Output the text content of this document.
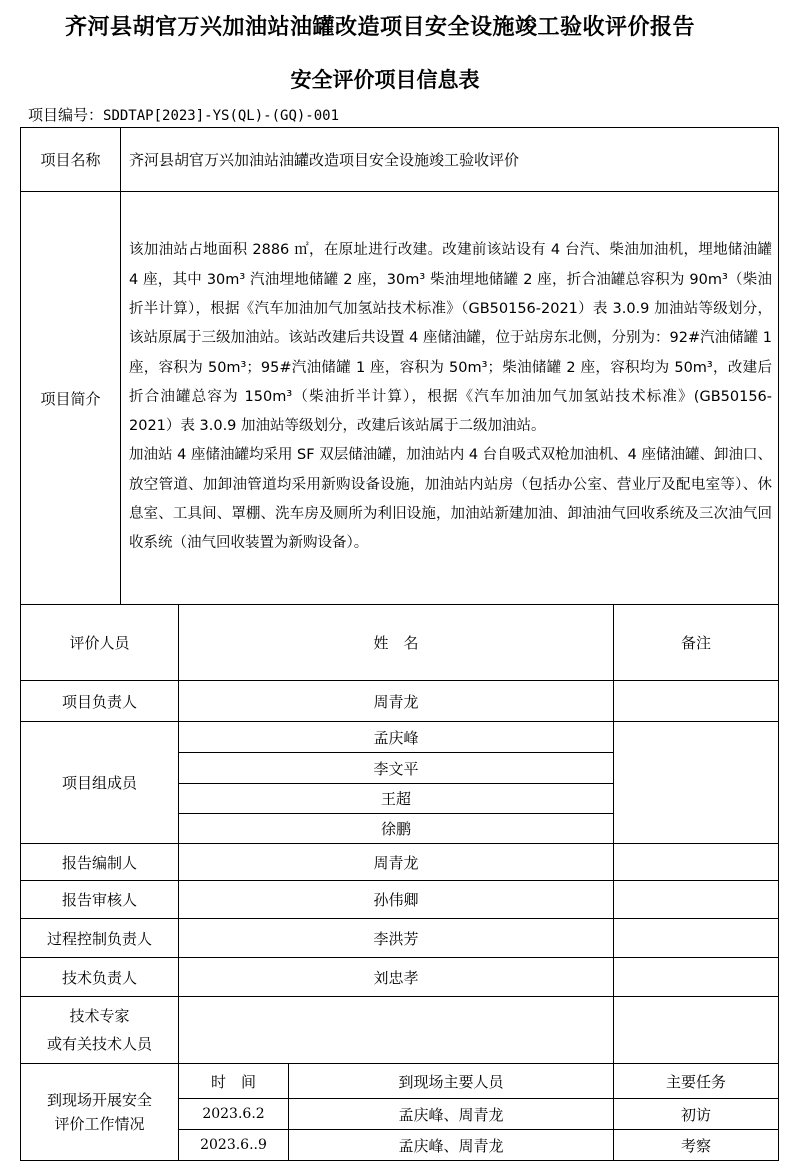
齐河县胡官万兴加油站油罐改造项目安全设施竣工验收评价报告
安全评价项目信息表
项目编号：SDDTAP[2023]-YS(QL)-(GQ)-001
项目名称	齐河县胡官万兴加油站油罐改造项目安全设施竣工验收评价
项目简介	该加油站占地面积 2886 ㎡，在原址进行改建。改建前该站设有 4 台汽、柴油加油机，埋地储油罐 4 座，其中 30m³ 汽油埋地储罐 2 座，30m³ 柴油埋地储罐 2 座，折合油罐总容积为 90m³（柴油折半计算），根据《汽车加油加气加氢站技术标准》（GB50156-2021）表 3.0.9 加油站等级划分，该站原属于三级加油站。该站改建后共设置 4 座储油罐，位于站房东北侧，分别为：92#汽油储罐 1 座，容积为 50m³；95#汽油储罐 1 座，容积为 50m³；柴油储罐 2 座，容积均为 50m³，改建后折合油罐总容为 150m³（柴油折半计算），根据《汽车加油加气加氢站技术标准》(GB50156-2021）表 3.0.9 加油站等级划分，改建后该站属于二级加油站。

加油站 4 座储油罐均采用 SF 双层储油罐，加油站内 4 台自吸式双枪加油机、4 座储油罐、卸油口、放空管道、加卸油管道均采用新购设备设施，加油站内站房（包括办公室、营业厅及配电室等）、休息室、工具间、罩棚、洗车房及厕所为利旧设施，加油站新建加油、卸油油气回收系统及三次油气回收系统（油气回收装置为新购设备）。

评价人员	姓　名		备注
项目负责人	周青龙		
项目组成员	孟庆峰		
	李文平		
	王超		
	徐鹏		
报告编制人	周青龙		
报告审核人	孙伟卿		
过程控制负责人	李洪芳		
技术负责人	刘忠孝		

技术专家
或有关技术人员			

到现场开展安全
评价工作情况	时　间	到现场主要人员	主要任务
	2023.6.2	孟庆峰、周青龙	初访
	2023.6..9	孟庆峰、周青龙	考察
